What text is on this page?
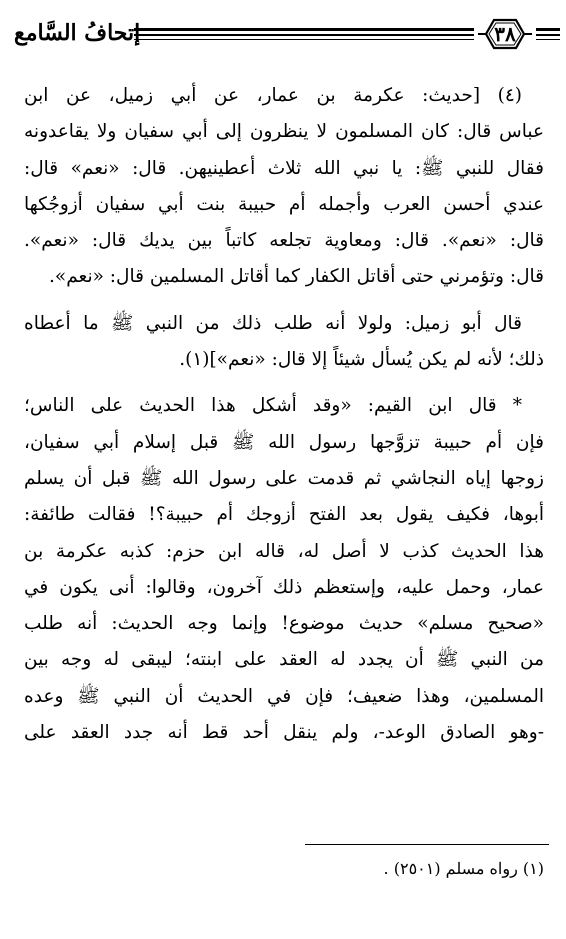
إتحافُ السَّامع	٣٨
(٤) [حديث: عكرمة بن عمار، عن أبي زميل، عن ابن
عباس قال: كان المسلمون لا ينظرون إلى أبي سفيان ولا يقاعدونه
فقال للنبي ﷺ: يا نبي الله ثلاث أعطينيهن. قال: «نعم» قال:
عندي أحسن العرب وأجمله أم حبيبة بنت أبي سفيان أزوجُكها
قال: «نعم». قال: ومعاوية تجلعه كاتباً بين يديك قال: «نعم».
قال: وتؤمرني حتى أقاتل الكفار كما أقاتل المسلمين قال: «نعم».
قال أبو زميل: ولولا أنه طلب ذلك من النبي ﷺ ما أعطاه
ذلك؛ لأنه لم يكن يُسأل شيئاً إلا قال: «نعم»](١).
* قال ابن القيم: «وقد أشكل هذا الحديث على الناس؛
فإن أم حبيبة تزوَّجها رسول الله ﷺ قبل إسلام أبي سفيان،
زوجها إياه النجاشي ثم قدمت على رسول الله ﷺ قبل أن يسلم
أبوها، فكيف يقول بعد الفتح أزوجك أم حبيبة؟! فقالت طائفة:
هذا الحديث كذب لا أصل له، قاله ابن حزم: كذبه عكرمة بن
عمار، وحمل عليه، وإستعظم ذلك آخرون، وقالوا: أنى يكون في
«صحيح مسلم» حديث موضوع! وإنما وجه الحديث: أنه طلب
من النبي ﷺ أن يجدد له العقد على ابنته؛ ليبقى له وجه بين
المسلمين، وهذا ضعيف؛ فإن في الحديث أن النبي ﷺ وعده
-وهو الصادق الوعد-، ولم ينقل أحد قط أنه جدد العقد على
(١) رواه مسلم (٢٥٠١) .
